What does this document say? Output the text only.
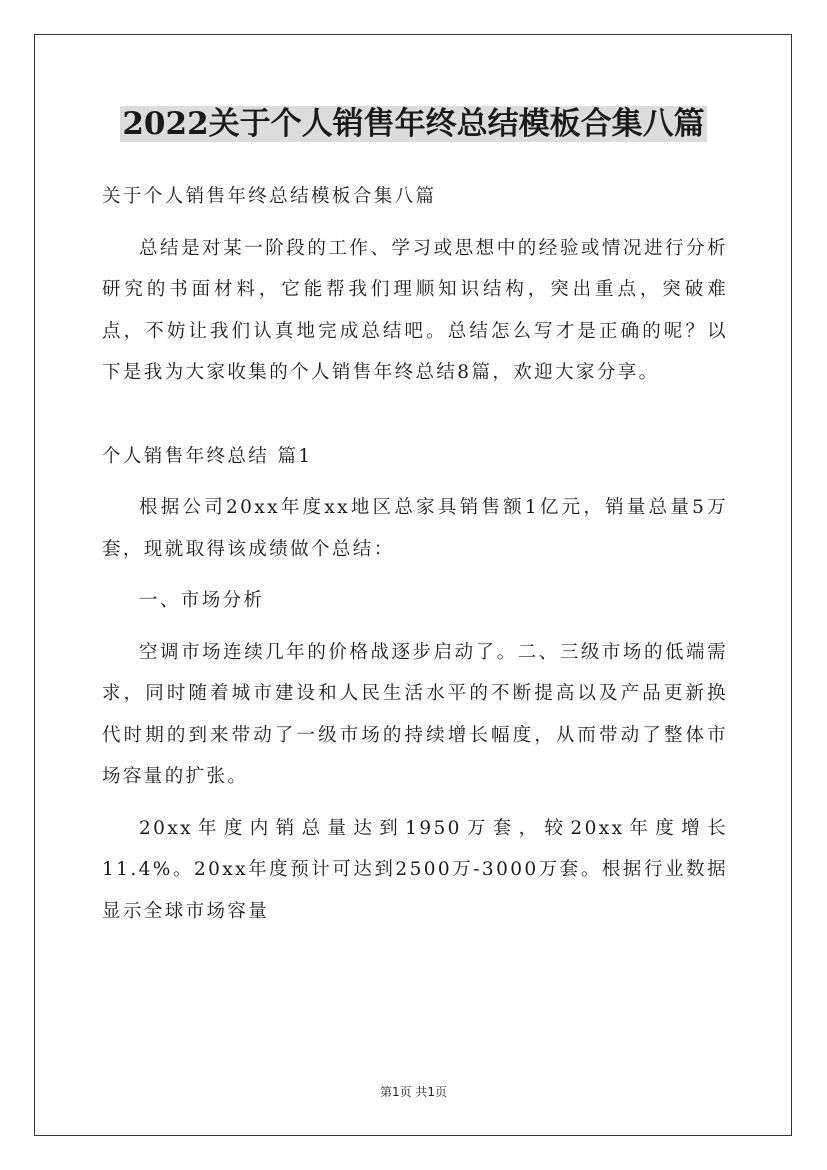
2022关于个人销售年终总结模板合集八篇

关于个人销售年终总结模板合集八篇

总结是对某一阶段的工作、学习或思想中的经验或情况进行分析研究的书面材料，它能帮我们理顺知识结构，突出重点，突破难点，不妨让我们认真地完成总结吧。总结怎么写才是正确的呢？以下是我为大家收集的个人销售年终总结8篇，欢迎大家分享。

个人销售年终总结 篇1

根据公司20xx年度xx地区总家具销售额1亿元，销量总量5万套，现就取得该成绩做个总结：

一、市场分析

空调市场连续几年的价格战逐步启动了。二、三级市场的低端需求，同时随着城市建设和人民生活水平的不断提高以及产品更新换代时期的到来带动了一级市场的持续增长幅度，从而带动了整体市场容量的扩张。

20xx年度内销总量达到1950万套，较20xx年度增长11.4%。20xx年度预计可达到2500万-3000万套。根据行业数据显示全球市场容量

第1页 共1页
